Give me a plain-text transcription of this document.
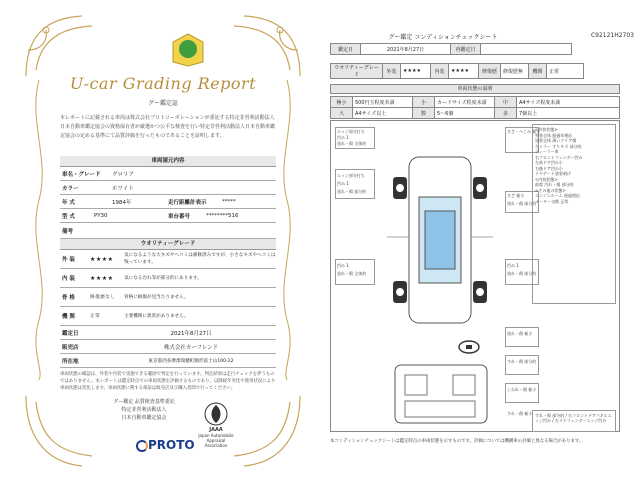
U-car Grading Report
グー鑑定証
本レポートに記載される車両は株式会社プロトコーポレーションが委託する特定非営利活動法人日本自動車鑑定協会の資格保有者が厳選かつ公平な検査を行い特定非営利活動法人日本自動車鑑定協会の定める基準にて品質評価を行ったものであることを証明します。
車両諸元内容
車名・グレード	グロリア
カラー	ホワイト
年 式	1984年	走行距離計表示	*****
型 式	PY30	車台番号	********516
備考
ウオリティーグレード
外 装	★★★★	気になるような大キズやヘコミは補修済みですが、小さなキズやヘコミは残っています。
内 装	★★★★	気になる汚れ等が部分的にあります。
骨 格	修復歴なし	骨格に損傷が見当たりません。
機 関	正常	主要機関に異常がありません。
鑑定日	2021年8月27日
販売店	株式会社カーフレンド
所在地	東京都西多摩郡瑞穂町駒形富士山100-22
車両状態の確認は、外装や内装で実施できる範囲で判定を行っています。判定結果は走行チェックを伴うものではありません。本レポートは鑑定時点での車両状態を評価するものであり、以降経年劣化や使用状況により車両状態は変化します。車両状態に関する保証は販売店及び購入者間で行ってください。
グー鑑定 品質検査基準委託
特定非営利活動法人
日本自動車鑑定協会
JAAA
Japan Automobile Appraisal Association
PROTO
グー鑑定 コンディションチェックシート	C92121H2703
鑑定日	2021年8月27日	再鑑定日	
ウオリティーグレード	外装	★★★★	内装	★★★★	修復歴	修復歴無	機関	正常
車両状態の説明
極小	500円玉程度未満	小	カードサイズ程度未満	中	A4サイズ程度未満
大	A4サイズ以上	数	5〜6個	多	7個以上
エッジ部分打ち
凹み 1
塗れ・傷 全体的
エッジ部分打ち
凹み 1
塗れ・傷 部分的
さざ・へこみ 極小
さざ 極小
塗れ・傷 部分的
凹み 1
塗れ・傷 全体的
凹み 1
塗れ・傷 部分的
塗れ・傷 極小
すれ・傷 部分的
しわれ・傷 極小
すれ・傷 極小
<外装状態>
外装全体 経過年相応
塗装全体 薄いクリア傷
左ミラー すりキズ 部分的
ディーラー車
右フロントフェンダー凹み
左前ドア凹み小
右後ドア凹み小
リヤゲート塗装剥げ
<内装状態>
前席 汚れ・傷 部分的
<その他の状態>
エンジンルーム 経過相応
メーター交換 正常
すれ・傷 部分的 / 右フロントドアパネルエッジ凹み / 右リヤフェンダーエッジ凹み
本コンディションチェックシートは鑑定時点の車両状態を示すものです。評価については機構車の評価と異なる場合があります。
